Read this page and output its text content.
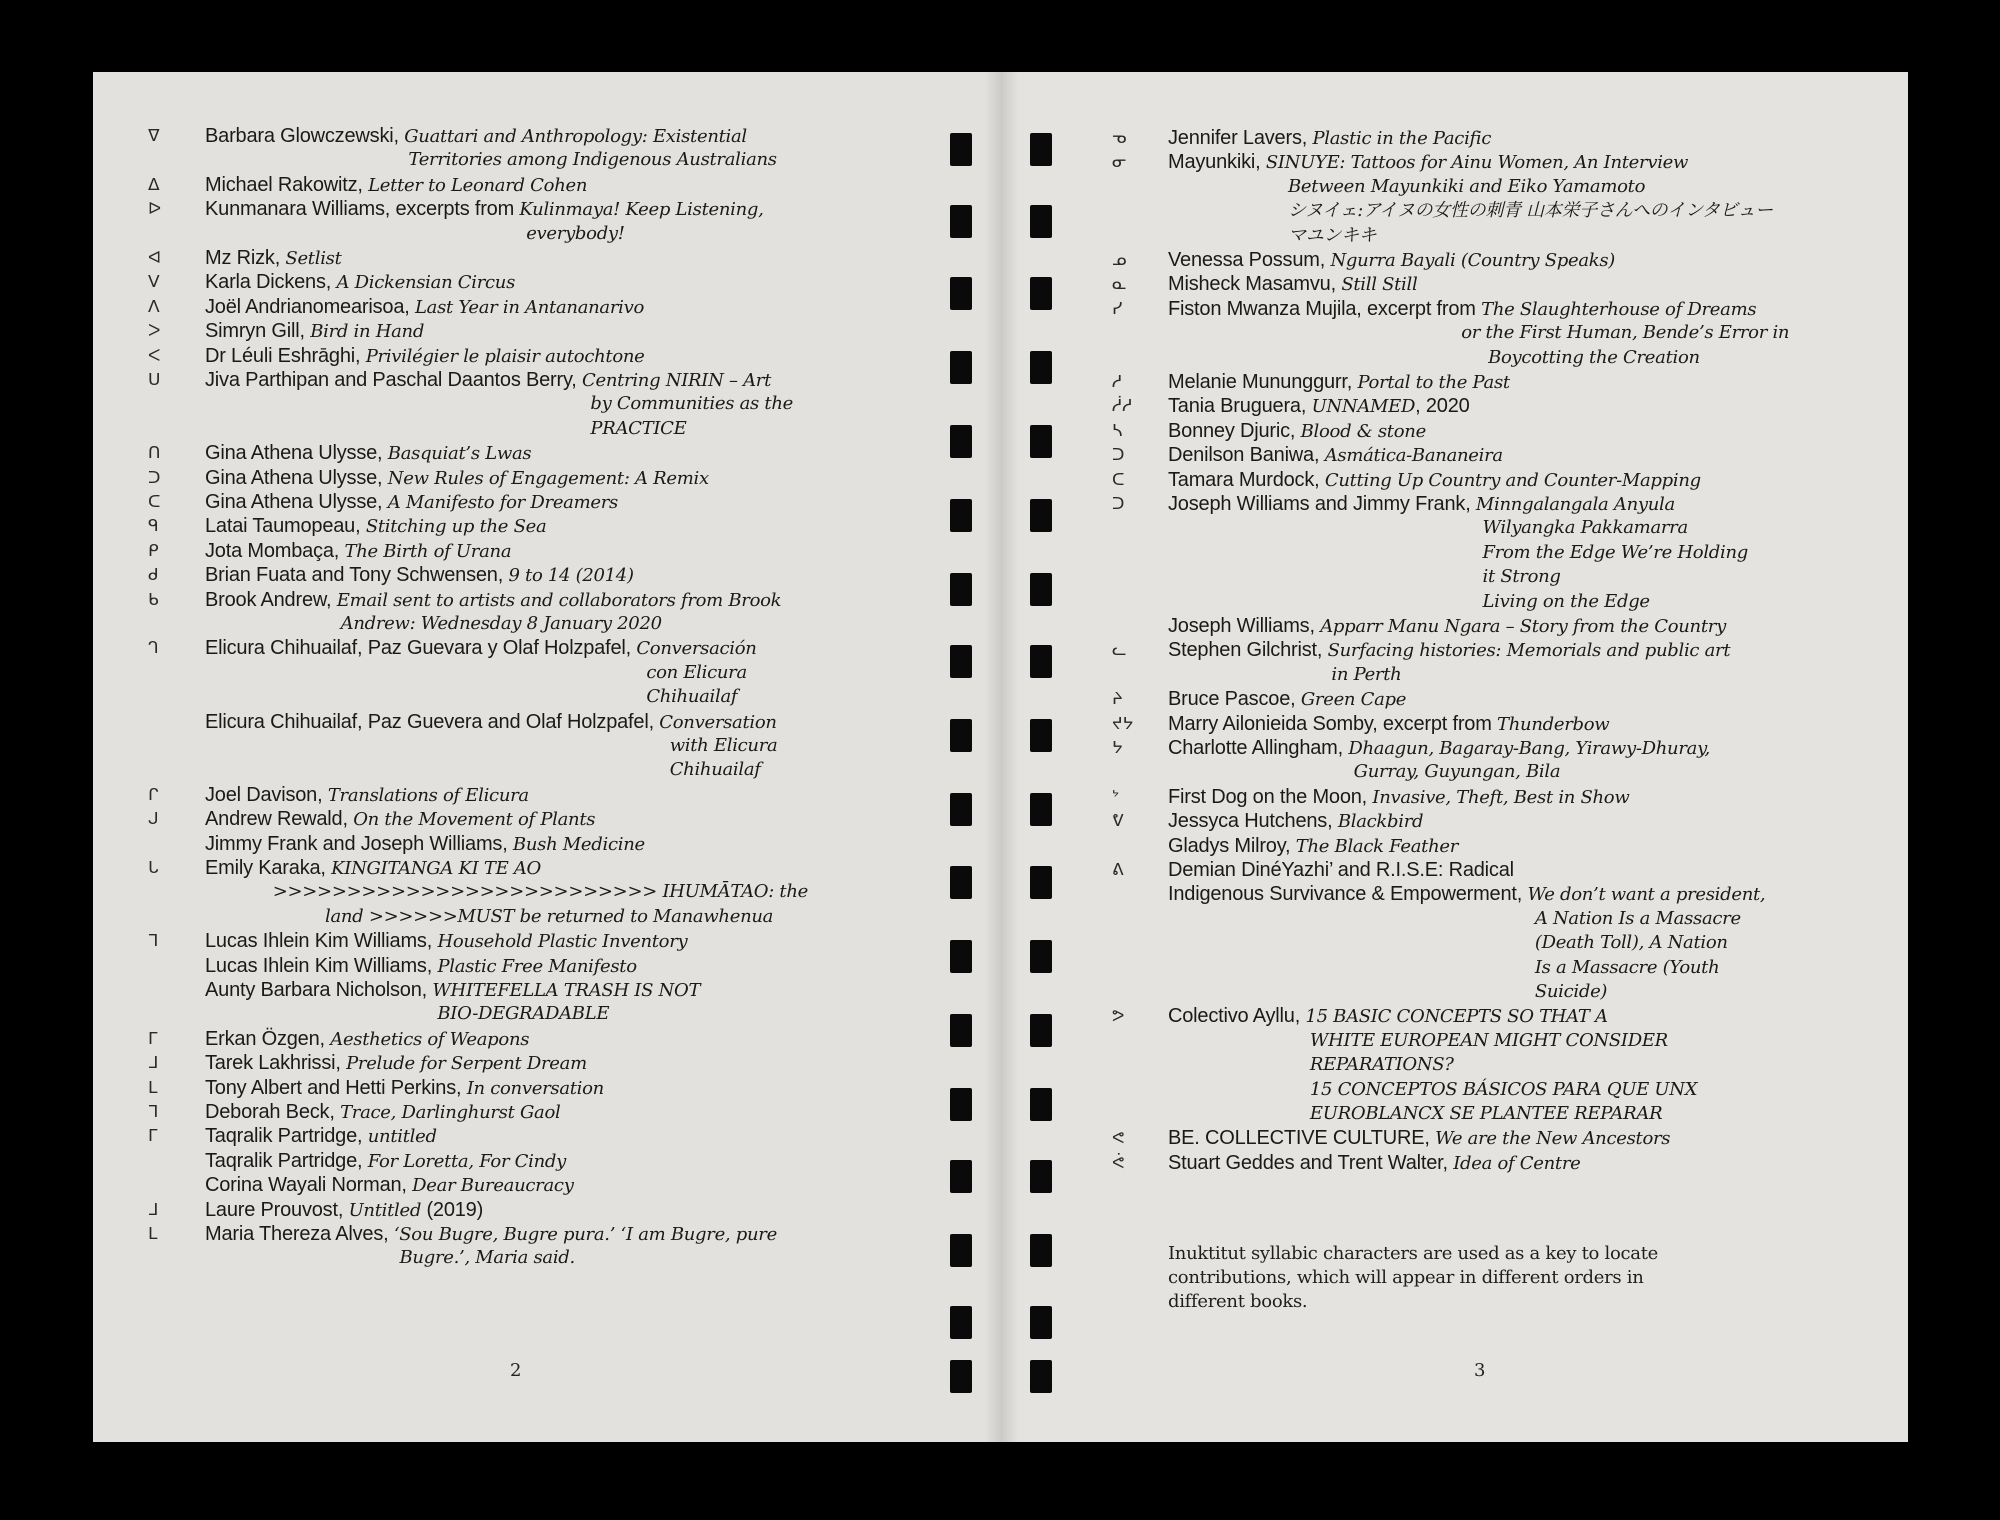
ᐁ Barbara Glowczewski, Guattari and Anthropology: Existential
Territories among Indigenous Australians
ᐃ Michael Rakowitz, Letter to Leonard Cohen
ᐅ Kunmanara Williams, excerpts from Kulinmaya! Keep Listening,
everybody!
ᐊ Mz Rizk, Setlist
ᐯ Karla Dickens, A Dickensian Circus
ᐱ Joël Andrianomearisoa, Last Year in Antananarivo
ᐳ Simryn Gill, Bird in Hand
ᐸ Dr Léuli Eshrāghi, Privilégier le plaisir autochtone
ᑌ Jiva Parthipan and Paschal Daantos Berry, Centring NIRIN – Art
by Communities as the
PRACTICE
ᑎ Gina Athena Ulysse, Basquiat’s Lwas
ᑐ Gina Athena Ulysse, New Rules of Engagement: A Remix
ᑕ Gina Athena Ulysse, A Manifesto for Dreamers
ᑫ Latai Taumopeau, Stitching up the Sea
ᑭ Jota Mombaça, The Birth of Urana
ᑯ Brian Fuata and Tony Schwensen, 9 to 14 (2014)
ᑲ Brook Andrew, Email sent to artists and collaborators from Brook
Andrew: Wednesday 8 January 2020
ᒉ Elicura Chihuailaf, Paz Guevara y Olaf Holzpafel, Conversación
con Elicura
Chihuailaf
Elicura Chihuailaf, Paz Guevera and Olaf Holzpafel, Conversation
with Elicura
Chihuailaf
ᒋ Joel Davison, Translations of Elicura
ᒍ Andrew Rewald, On the Movement of Plants
Jimmy Frank and Joseph Williams, Bush Medicine
ᒐ Emily Karaka, KINGITANGA KI TE AO
>>>>>>>>>>>>>>>>>>>>>>>>>> IHUMĀTAO: the
land >>>>>>MUST be returned to Manawhenua
ᒣ Lucas Ihlein Kim Williams, Household Plastic Inventory
Lucas Ihlein Kim Williams, Plastic Free Manifesto
Aunty Barbara Nicholson, WHITEFELLA TRASH IS NOT
BIO-DEGRADABLE
ᒥ Erkan Özgen, Aesthetics of Weapons
ᒧ Tarek Lakhrissi, Prelude for Serpent Dream
ᒪ Tony Albert and Hetti Perkins, In conversation
ᒣ Deborah Beck, Trace, Darlinghurst Gaol
ᒥ Taqralik Partridge, untitled
Taqralik Partridge, For Loretta, For Cindy
Corina Wayali Norman, Dear Bureaucracy
ᒧ Laure Prouvost, Untitled (2019)
ᒪ Maria Thereza Alves, ‘Sou Bugre, Bugre pura.’ ‘I am Bugre, pure
Bugre.’, Maria said.
ᓀ Jennifer Lavers, Plastic in the Pacific
ᓂ Mayunkiki, SINUYE: Tattoos for Ainu Women, An Interview
Between Mayunkiki and Eiko Yamamoto
シヌイェ:アイヌの女性の刺青 山本栄子さんへのインタビュー
マユンキキ
ᓄ Venessa Possum, Ngurra Bayali (Country Speaks)
ᓇ Misheck Masamvu, Still Still
ᓯ Fiston Mwanza Mujila, excerpt from The Slaughterhouse of Dreams
or the First Human, Bende’s Error in
Boycotting the Creation
ᓱ Melanie Mununggurr, Portal to the Past
ᓲᓱ Tania Bruguera, UNNAMED, 2020
ᓴ Bonney Djuric, Blood & stone
ᑐ Denilson Baniwa, Asmática-Bananeira
ᑕ Tamara Murdock, Cutting Up Country and Counter-Mapping
ᑐ Joseph Williams and Jimmy Frank, Minngalangala Anyula
Wilyangka Pakkamarra
From the Edge We’re Holding
it Strong
Living on the Edge
Joseph Williams, Apparr Manu Ngara – Story from the Country
ᓚ Stephen Gilchrist, Surfacing histories: Memorials and public art
in Perth
ᔨ Bruce Pascoe, Green Cape
ᔪᔭ Marry Ailonieida Somby, excerpt from Thunderbow
ᔭ Charlotte Allingham, Dhaagun, Bagaray-Bang, Yirawy-Dhuray,
Gurray, Guyungan, Bila
ᔾ First Dog on the Moon, Invasive, Theft, Best in Show
ᕓ Jessyca Hutchens, Blackbird
Gladys Milroy, The Black Feather
ᕕ Demian DinéYazhi’ and R.I.S.E: Radical
Indigenous Survivance & Empowerment, We don’t want a president,
A Nation Is a Massacre
(Death Toll), A Nation
Is a Massacre (Youth
Suicide)
ᕗ Colectivo Ayllu, 15 BASIC CONCEPTS SO THAT A
WHITE EUROPEAN MIGHT CONSIDER
REPARATIONS?
15 CONCEPTOS BÁSICOS PARA QUE UNX
EUROBLANCX SE PLANTEE REPARAR
ᕙ BE. COLLECTIVE CULTURE, We are the New Ancestors
ᕚ Stuart Geddes and Trent Walter, Idea of Centre
Inuktitut syllabic characters are used as a key to locate
contributions, which will appear in different orders in
different books.
2	3
